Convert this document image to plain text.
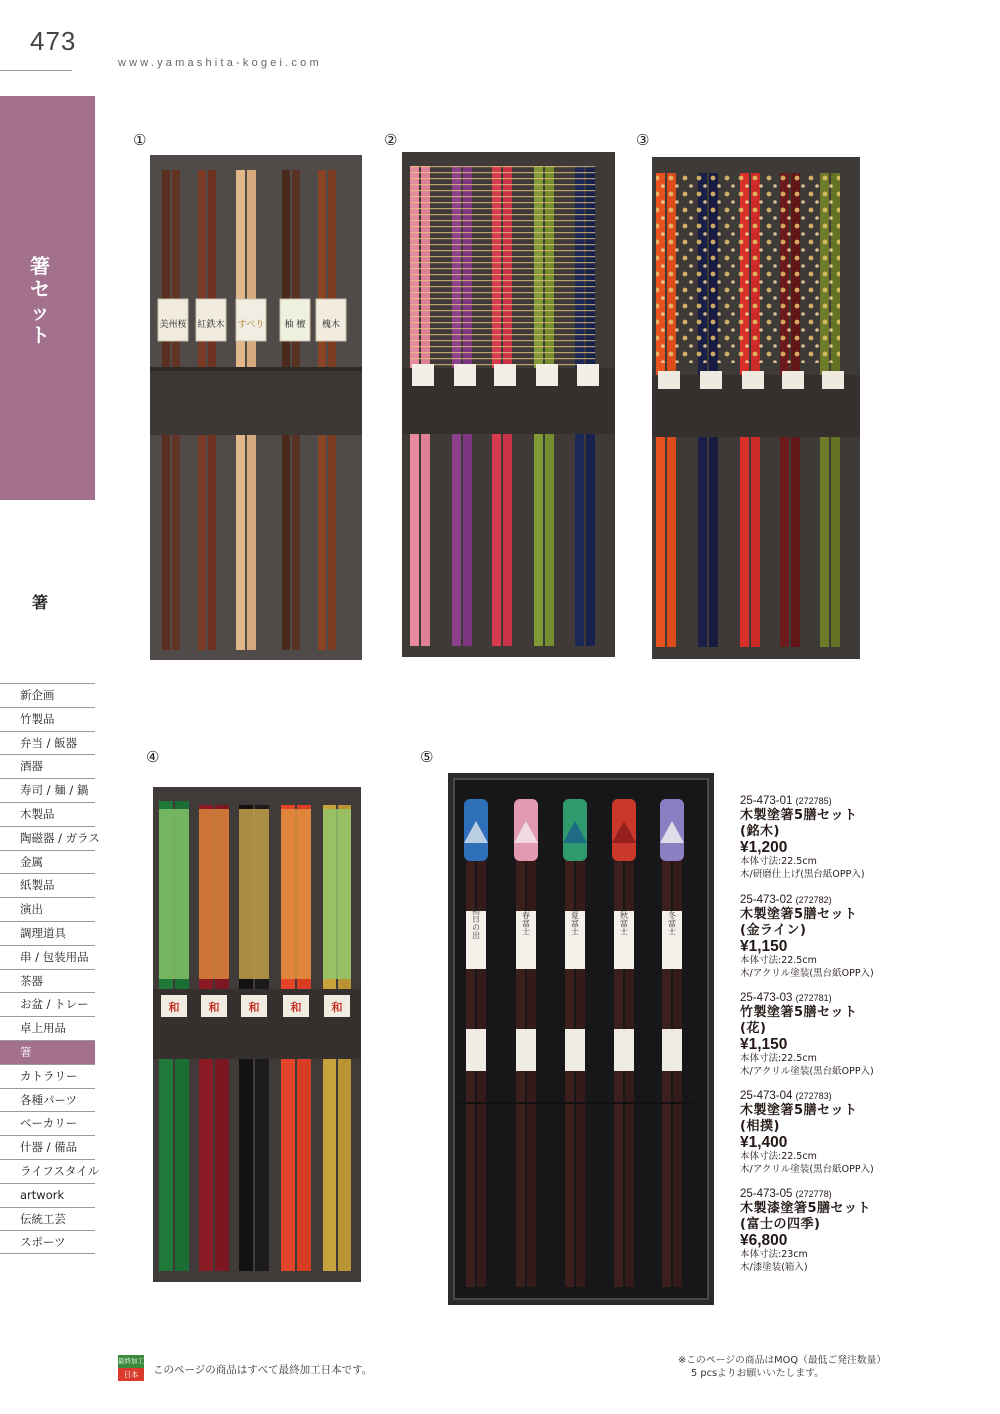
473
www.yamashita-kogei.com
箸セット
箸
新企画
竹製品
弁当 / 飯器
酒器
寿司 / 麺 / 鍋
木製品
陶磁器 / ガラス
金属
紙製品
演出
調理道具
串 / 包装用品
茶器
お盆 / トレー
卓上用品
箸
カトラリー
各種パーツ
ベーカリー
什器 / 備品
ライフスタイル
artwork
伝統工芸
スポーツ
①	②	③
④	⑤
美州桜 紅鉄木 すべり 柚 檀 槐木
和	和	和	和	和
初日の出	春富士	夏富士	秋富士	冬富士
25-473-01 (272785)
木製塗箸5膳セット
(銘木)
¥1,200
本体寸法:22.5cm
木/研磨仕上げ(黒台紙OPP入)
25-473-02 (272782)
木製塗箸5膳セット
(金ライン)
¥1,150
本体寸法:22.5cm
木/アクリル塗装(黒台紙OPP入)
25-473-03 (272781)
竹製塗箸5膳セット
(花)
¥1,150
本体寸法:22.5cm
木/アクリル塗装(黒台紙OPP入)
25-473-04 (272783)
木製塗箸5膳セット
(相撲)
¥1,400
本体寸法:22.5cm
木/アクリル塗装(黒台紙OPP入)
25-473-05 (272778)
木製漆塗箸5膳セット
(富士の四季)
¥6,800
本体寸法:23cm
木/漆塗装(箱入)
最終加工
日本	このページの商品はすべて最終加工日本です。
※このページの商品はMOQ（最低ご発注数量）
5 pcsよりお願いいたします。
